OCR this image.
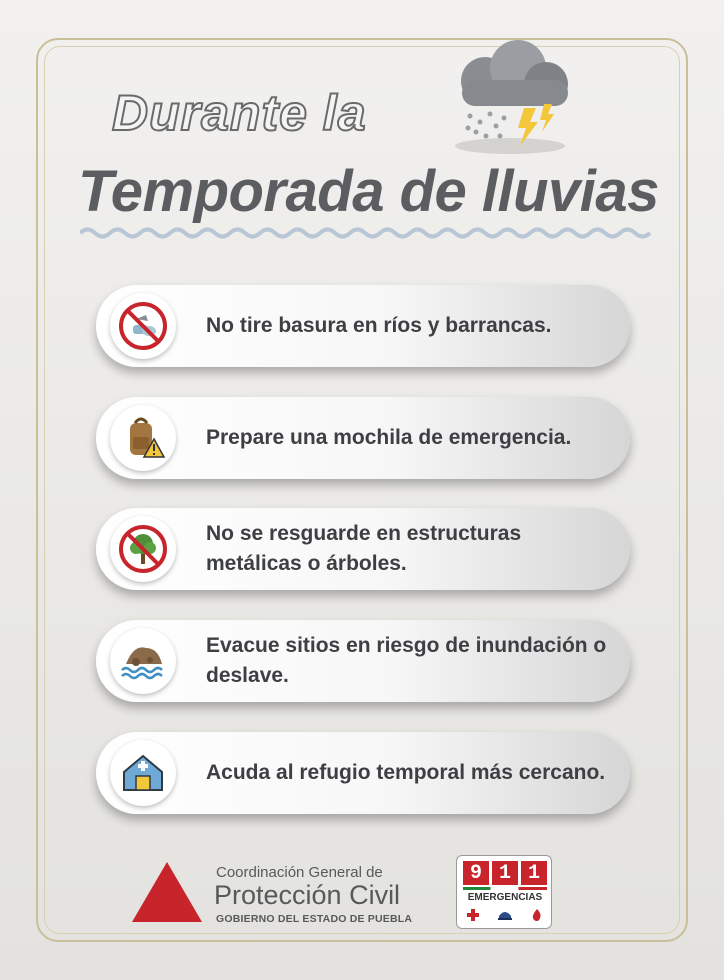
Durante la
Temporada de lluvias
No tire basura en ríos y barrancas.
Prepare una mochila de emergencia.
No se resguarde en estructuras metálicas o árboles.
Evacue sitios en riesgo de inundación o deslave.
Acuda al refugio temporal más cercano.
Coordinación General de
Protección Civil
GOBIERNO DEL ESTADO DE PUEBLA
9 1 1
EMERGENCIAS
